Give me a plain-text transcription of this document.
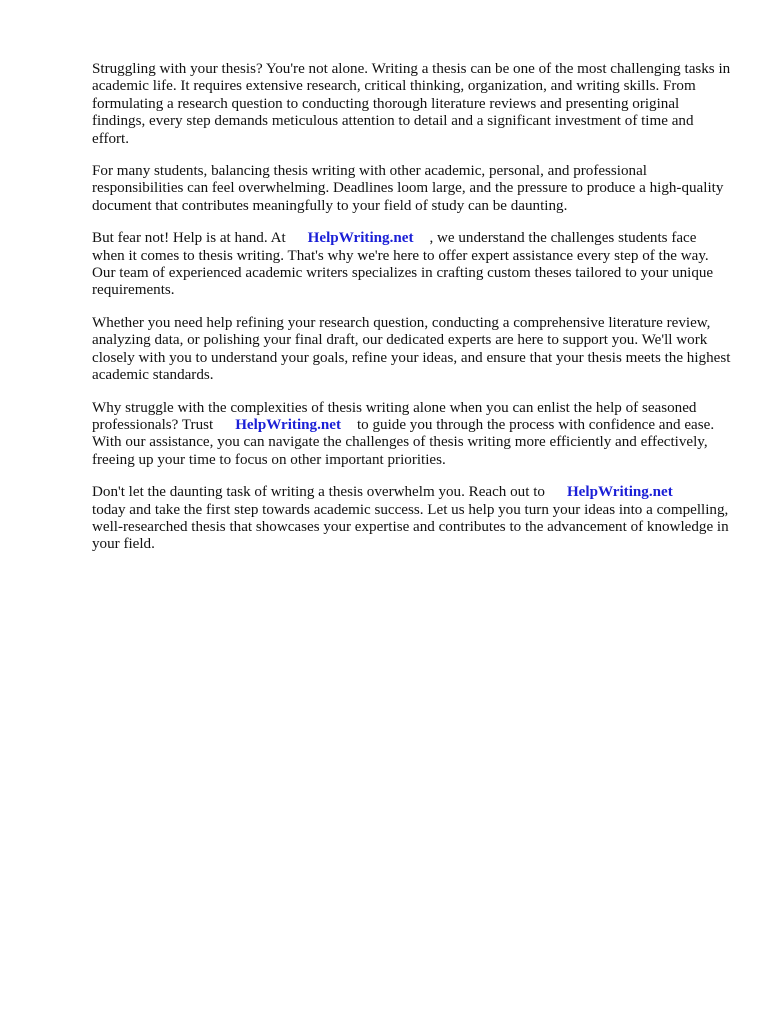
Struggling with your thesis? You're not alone. Writing a thesis can be one of the most challenging tasks in academic life. It requires extensive research, critical thinking, organization, and writing skills. From formulating a research question to conducting thorough literature reviews and presenting original findings, every step demands meticulous attention to detail and a significant investment of time and effort.

For many students, balancing thesis writing with other academic, personal, and professional responsibilities can feel overwhelming. Deadlines loom large, and the pressure to produce a high-quality document that contributes meaningfully to your field of study can be daunting.

But fear not! Help is at hand. At HelpWriting.net , we understand the challenges students face when it comes to thesis writing. That's why we're here to offer expert assistance every step of the way. Our team of experienced academic writers specializes in crafting custom theses tailored to your unique requirements.

Whether you need help refining your research question, conducting a comprehensive literature review, analyzing data, or polishing your final draft, our dedicated experts are here to support you. We'll work closely with you to understand your goals, refine your ideas, and ensure that your thesis meets the highest academic standards.

Why struggle with the complexities of thesis writing alone when you can enlist the help of seasoned professionals? Trust HelpWriting.net to guide you through the process with confidence and ease. With our assistance, you can navigate the challenges of thesis writing more efficiently and effectively, freeing up your time to focus on other important priorities.

Don't let the daunting task of writing a thesis overwhelm you. Reach out to HelpWriting.net
today and take the first step towards academic success. Let us help you turn your ideas into a compelling, well-researched thesis that showcases your expertise and contributes to the advancement of knowledge in your field.
